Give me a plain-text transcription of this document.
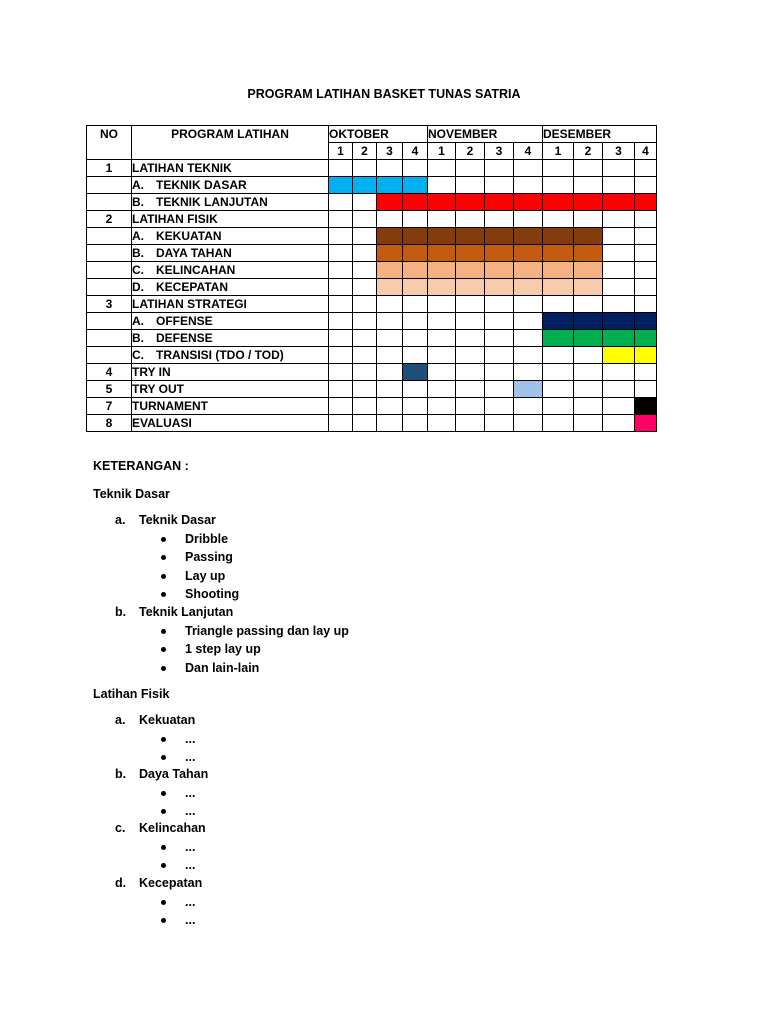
PROGRAM LATIHAN BASKET TUNAS SATRIA
NO	PROGRAM LATIHAN	OKTOBER				NOVEMBER				DESEMBER			
		1	2	3	4	1	2	3	4	1	2	3	4
1	LATIHAN TEKNIK												
	A. TEKNIK DASAR												
	B. TEKNIK LANJUTAN												
2	LATIHAN FISIK												
	A. KEKUATAN												
	B. DAYA TAHAN												
	C. KELINCAHAN												
	D. KECEPATAN												
3	LATIHAN STRATEGI												
	A. OFFENSE												
	B. DEFENSE												
	C. TRANSISI (TDO / TOD)												
4	TRY IN												
5	TRY OUT												
7	TURNAMENT												
8	EVALUASI												
KETERANGAN :
Teknik Dasar
a. Teknik Dasar
Dribble
Passing
Lay up
Shooting
b. Teknik Lanjutan
Triangle passing dan lay up
1 step lay up
Dan lain-lain
Latihan Fisik
a. Kekuatan
...
...
b. Daya Tahan
...
...
c. Kelincahan
...
...
d. Kecepatan
...
...
